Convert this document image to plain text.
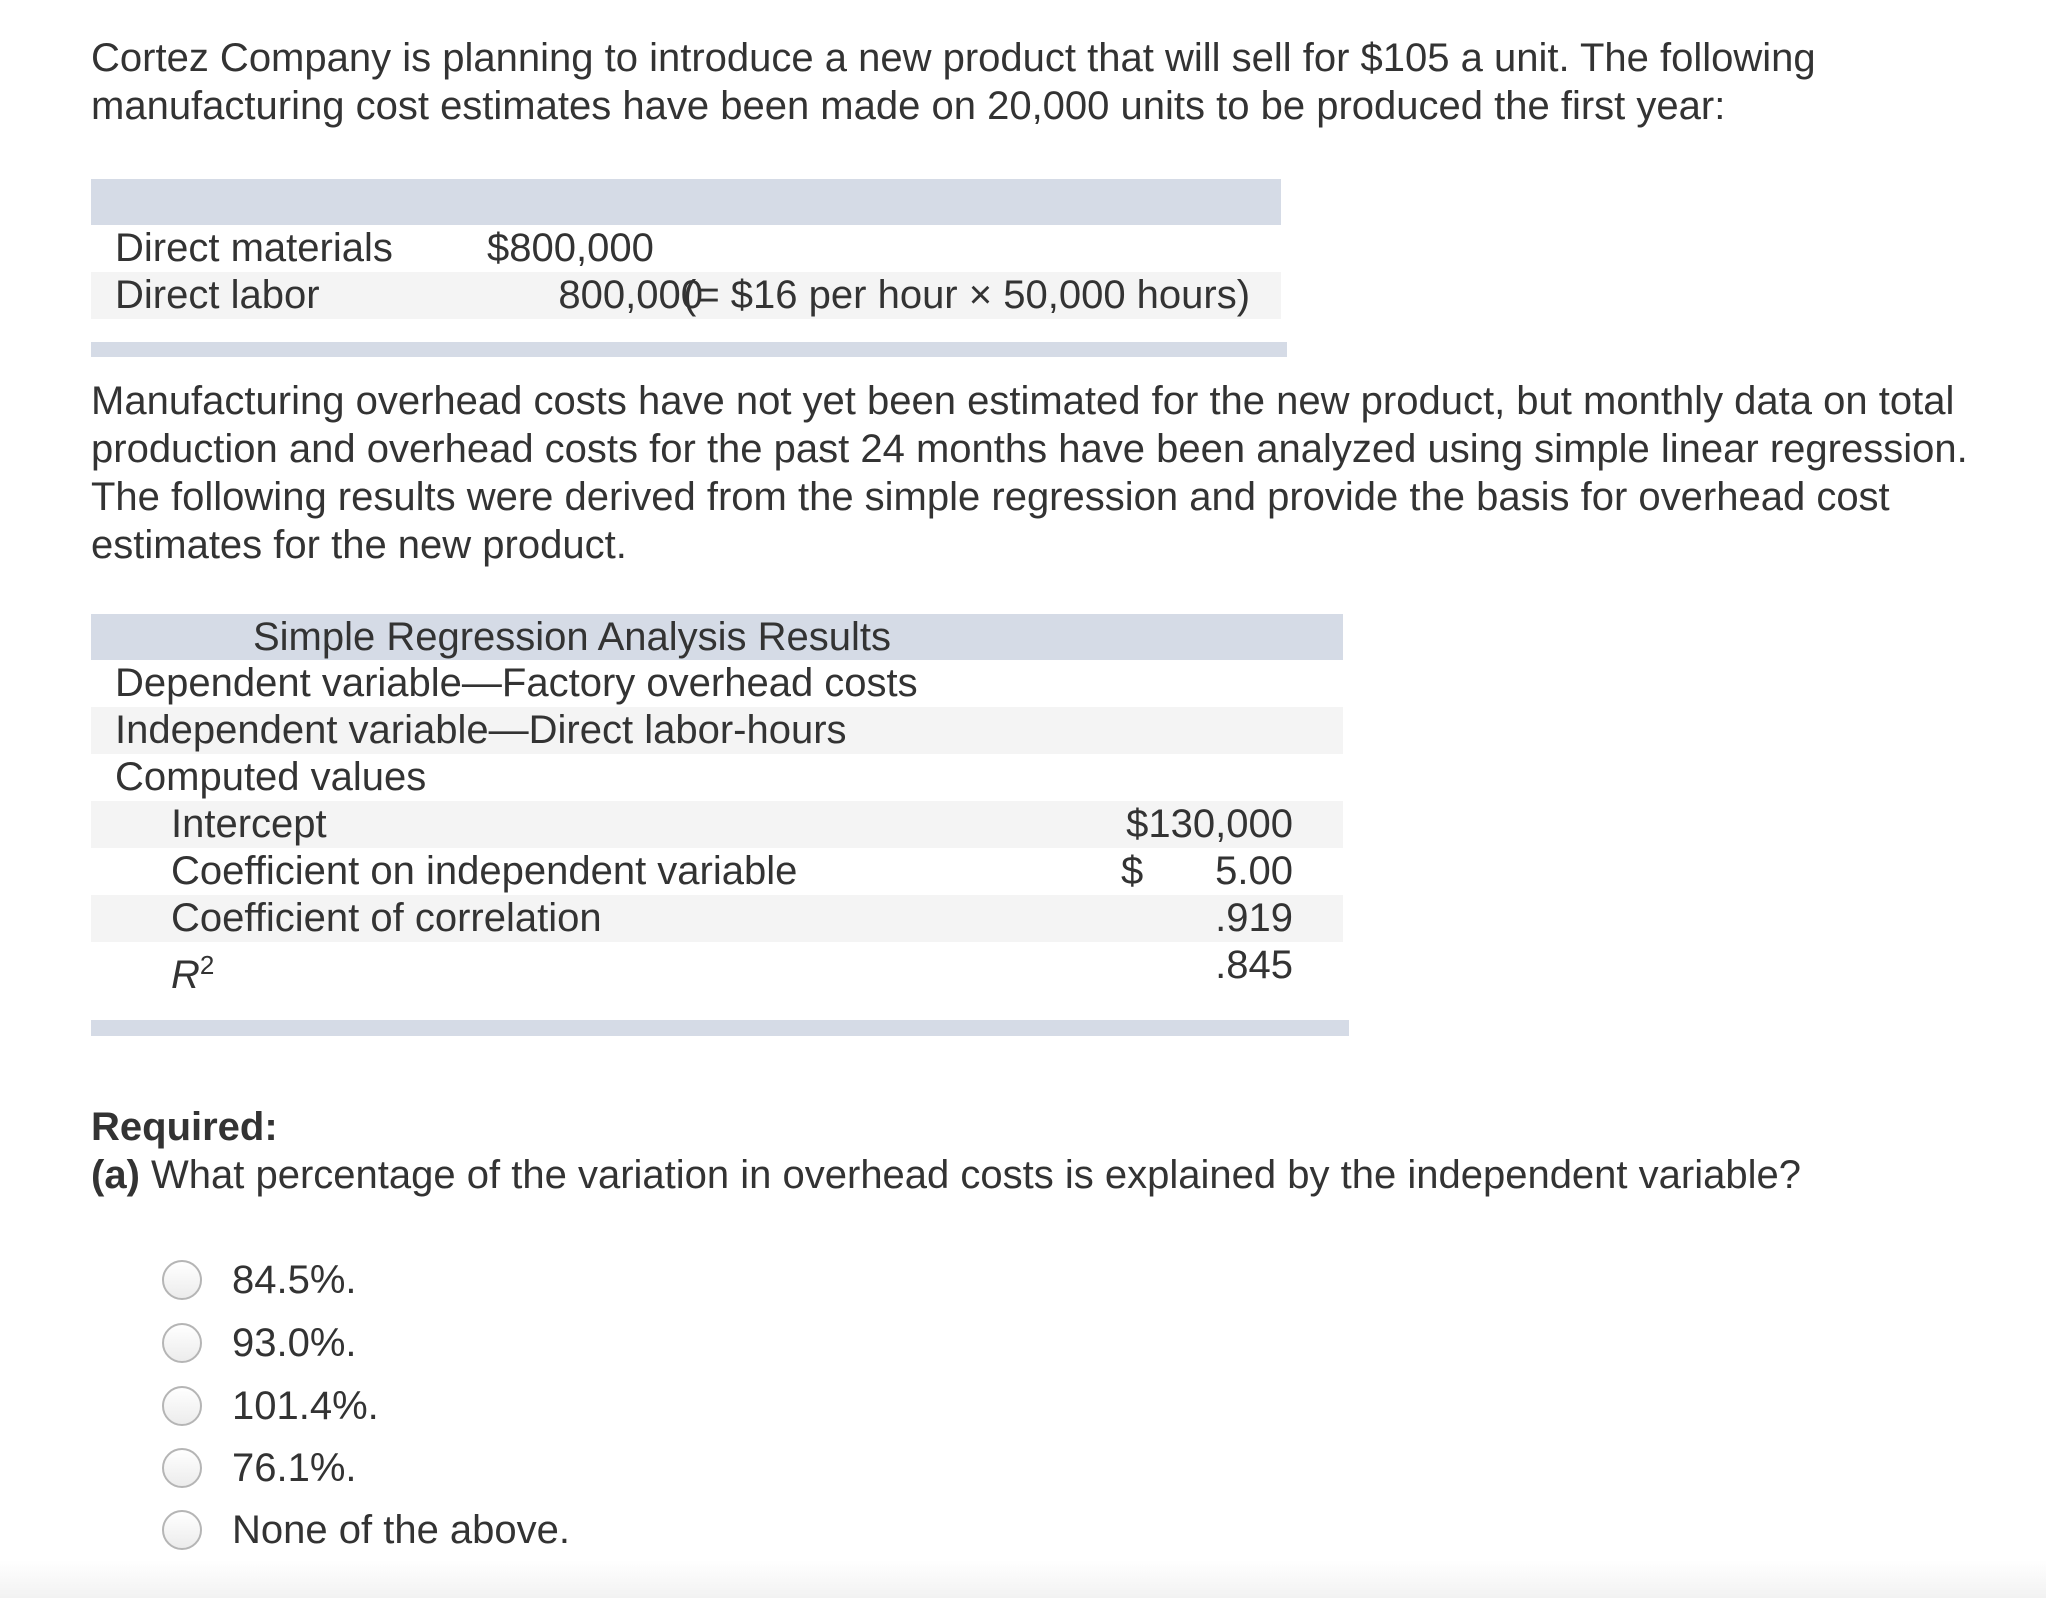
Cortez Company is planning to introduce a new product that will sell for $105 a unit. The following manufacturing cost estimates have been made on 20,000 units to be produced the first year:

Direct materials $800,000
Direct labor	800,000
(= $16 per hour × 50,000 hours)

Manufacturing overhead costs have not yet been estimated for the new product, but monthly data on total production and overhead costs for the past 24 months have been analyzed using simple linear regression. The following results were derived from the simple regression and provide the basis for overhead cost estimates for the new product.

Simple Regression Analysis Results
Dependent variable—Factory overhead costs
Independent variable—Direct labor-hours
Computed values
Intercept	$130,000
Coefficient on independent variable	$ 5.00
Coefficient of correlation	.919
$R^2$	.845
Required:
(a) What percentage of the variation in overhead costs is explained by the independent variable?
84.5%.
93.0%.
101.4%.
76.1%.
None of the above.
